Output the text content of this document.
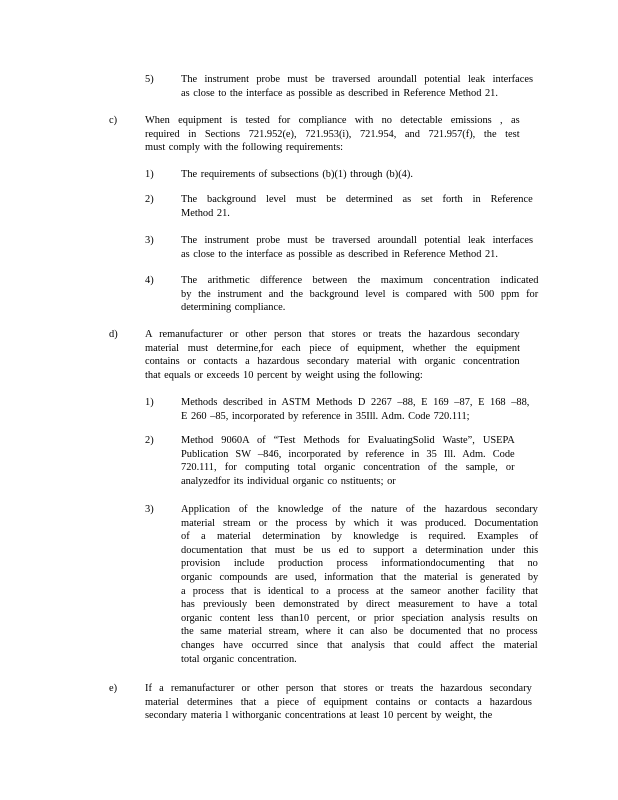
5)	The instrument probe must be traversed aroundall potential leak interfaces
as close to the interface as possible as described in Reference Method 21.
c)	When equipment is tested for compliance with no detectable emissions , as
required in Sections 721.952(e), 721.953(i), 721.954, and 721.957(f), the test
must comply with the following requirements:
1)	The requirements of subsections (b)(1) through (b)(4).
2)	The background level must be determined as set forth in Reference
Method 21.
3)	The instrument probe must be traversed aroundall potential leak interfaces
as close to the interface as possible as described in Reference Method 21.
4)	The arithmetic difference between the maximum concentration indicated
by the instrument and the background level is compared with 500 ppm for
determining compliance.
d)	A remanufacturer or other person that stores or treats the hazardous secondary
material must determine,for each piece of equipment, whether the equipment
contains or contacts a hazardous secondary material with organic concentration
that equals or exceeds 10 percent by weight using the following:
1)	Methods described in ASTM Methods D 2267 –88, E 169 –87, E 168 –88,
E 260 –85, incorporated by reference in 35Ill. Adm. Code 720.111;
2)	Method 9060A of “Test Methods for EvaluatingSolid Waste”, USEPA
Publication SW –846, incorporated by reference in 35 Ill. Adm. Code
720.111, for computing total organic concentration of the sample, or
analyzedfor its individual organic co nstituents; or
3)	Application of the knowledge of the nature of the hazardous secondary
material stream or the process by which it was produced. Documentation
of a material determination by knowledge is required. Examples of
documentation that must be us ed to support a determination under this
provision include production process informationdocumenting that no
organic compounds are used, information that the material is generated by
a process that is identical to a process at the sameor another facility that
has previously been demonstrated by direct measurement to have a total
organic content less than10 percent, or prior speciation analysis results on
the same material stream, where it can also be documented that no process
changes have occurred since that analysis that could affect the material
total organic concentration.
e)	If a remanufacturer or other person that stores or treats the hazardous secondary
material determines that a piece of equipment contains or contacts a hazardous
secondary materia l withorganic concentrations at least 10 percent by weight, the
